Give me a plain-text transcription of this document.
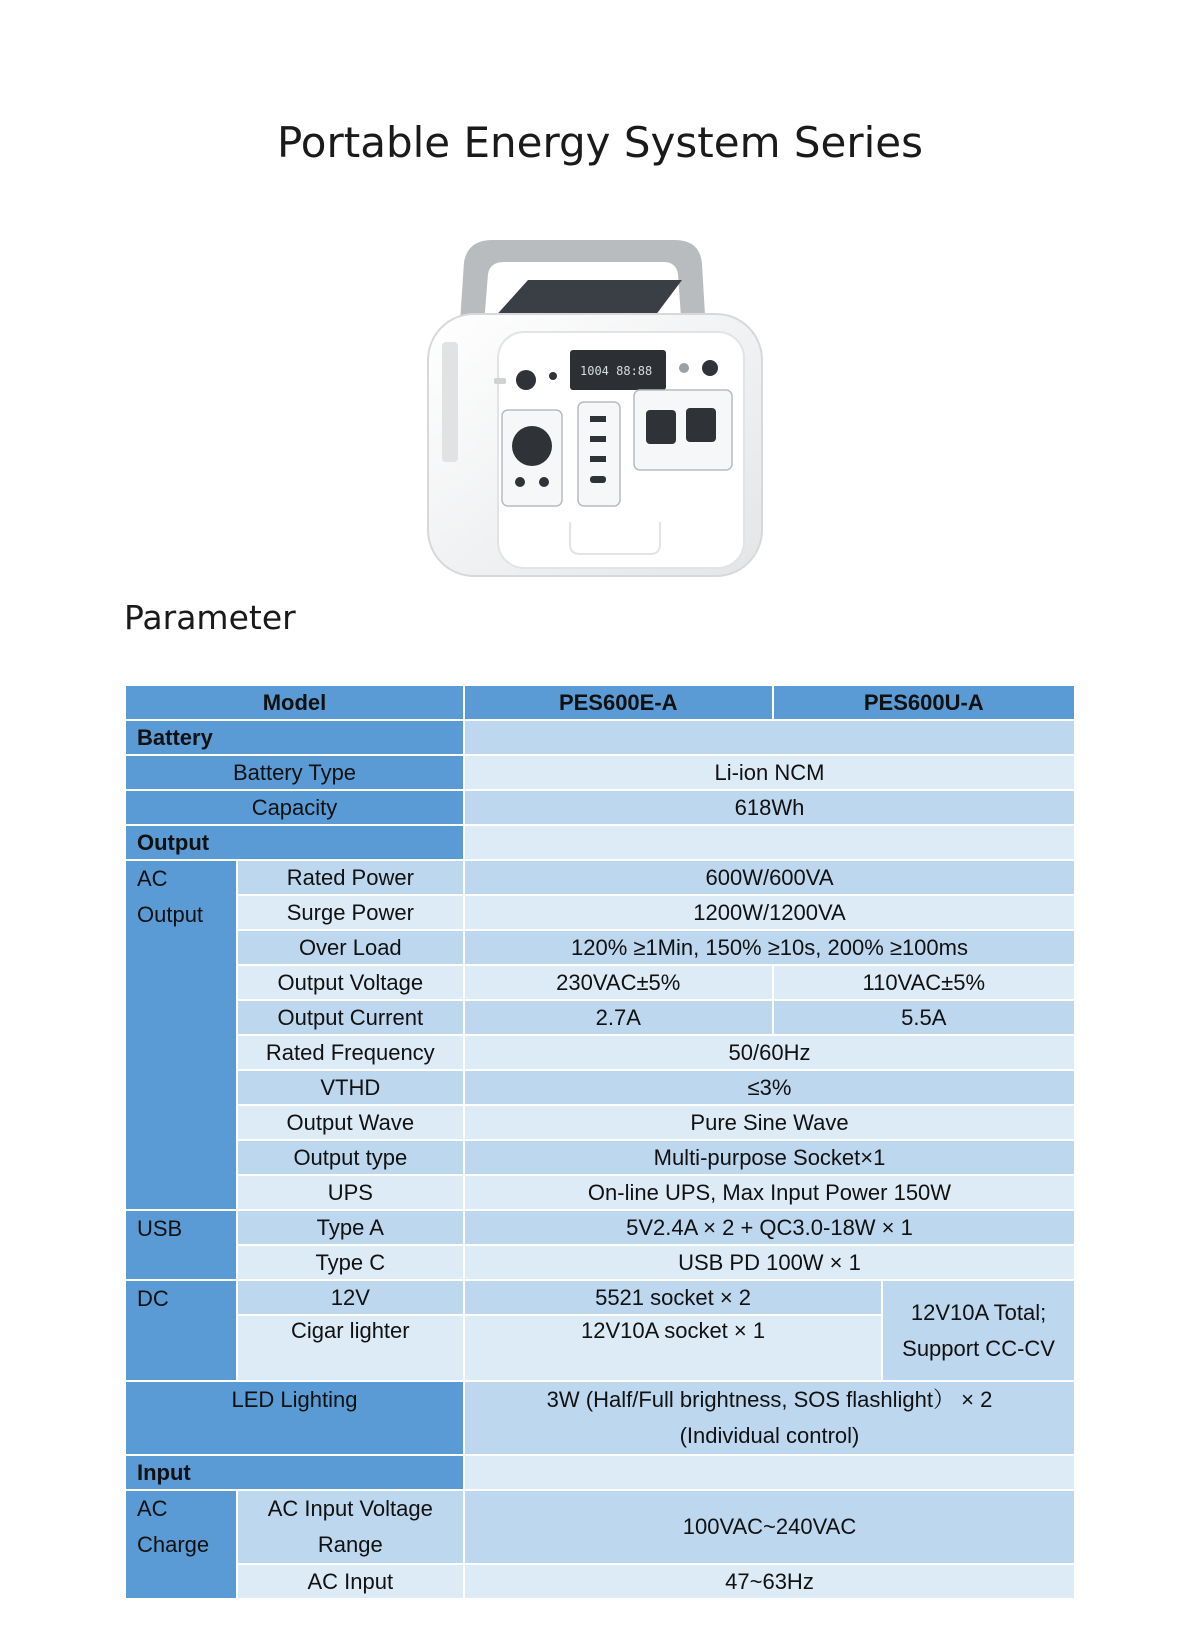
Portable Energy System Series
1004 88:88
Parameter
Model		PES600E-A	PES600U-A	
Battery				
Battery Type		Li-ion NCM		
Capacity		618Wh		
Output				
AC Output	Rated Power	600W/600VA		
	Surge Power	1200W/1200VA		
	Over Load	120% ≥1Min, 150% ≥10s, 200% ≥100ms		
	Output Voltage	230VAC±5%	110VAC±5%	
	Output Current	2.7A	5.5A	
	Rated Frequency	50/60Hz		
	VTHD	≤3%		
	Output Wave	Pure Sine Wave		
	Output type	Multi-purpose Socket×1		
	UPS	On-line UPS, Max Input Power 150W		
USB	Type A	5V2.4A × 2 + QC3.0-18W × 1		
	Type C	USB PD 100W × 1		
DC	12V	5521 socket × 2		12V10A Total; Support CC-CV
	Cigar lighter	12V10A socket × 1		
LED Lighting		3W (Half/Full brightness, SOS flashlight） × 2 (Individual control)		
Input				
AC Charge	AC Input Voltage Range	100VAC~240VAC		
	AC Input	47~63Hz		
